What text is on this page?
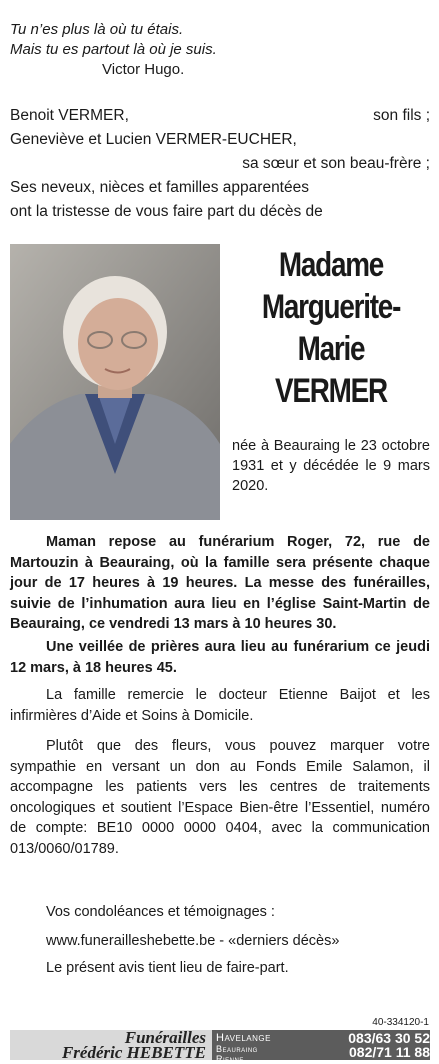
Tu n’es plus là où tu étais.
Mais tu es partout là où je suis.
Victor Hugo.
Benoit VERMER,	son fils ;
Geneviève et Lucien VERMER-EUCHER,
sa sœur et son beau-frère ;
Ses neveux, nièces et familles apparentées
ont la tristesse de vous faire part du décès de
Madame
Marguerite-
Marie
VERMER
née à Beauraing le 23 octobre 1931 et y décédée le 9 mars 2020.
Maman repose au funérarium Roger, 72, rue de Martouzin à Beauraing, où la famille sera présente chaque jour de 17 heures à 19 heures. La messe des funérailles, suivie de l’inhumation aura lieu en l’église Saint-Martin de Beauraing, ce vendredi 13 mars à 10 heures 30.
Une veillée de prières aura lieu au funérarium ce jeudi 12 mars, à 18 heures 45.
La famille remercie le docteur Etienne Baijot et les infirmières d’Aide et Soins à Domicile.
Plutôt que des fleurs, vous pouvez marquer votre sympathie en versant un don au Fonds Emile Salamon, il accompagne les patients vers les centres de traitements oncologiques et soutient l’Espace Bien-être l’Essentiel, numéro de compte: BE10 0000 0000 0404, avec la communication 013/0060/01789.
Vos condoléances et témoignages :
www.funerailleshebette.be - «derniers décès»
Le présent avis tient lieu de faire-part.
40-334120-1
Funérailles
Frédéric HEBETTE
Havelange	083/63 30 52
Beauraing
Rienne	082/71 11 88
